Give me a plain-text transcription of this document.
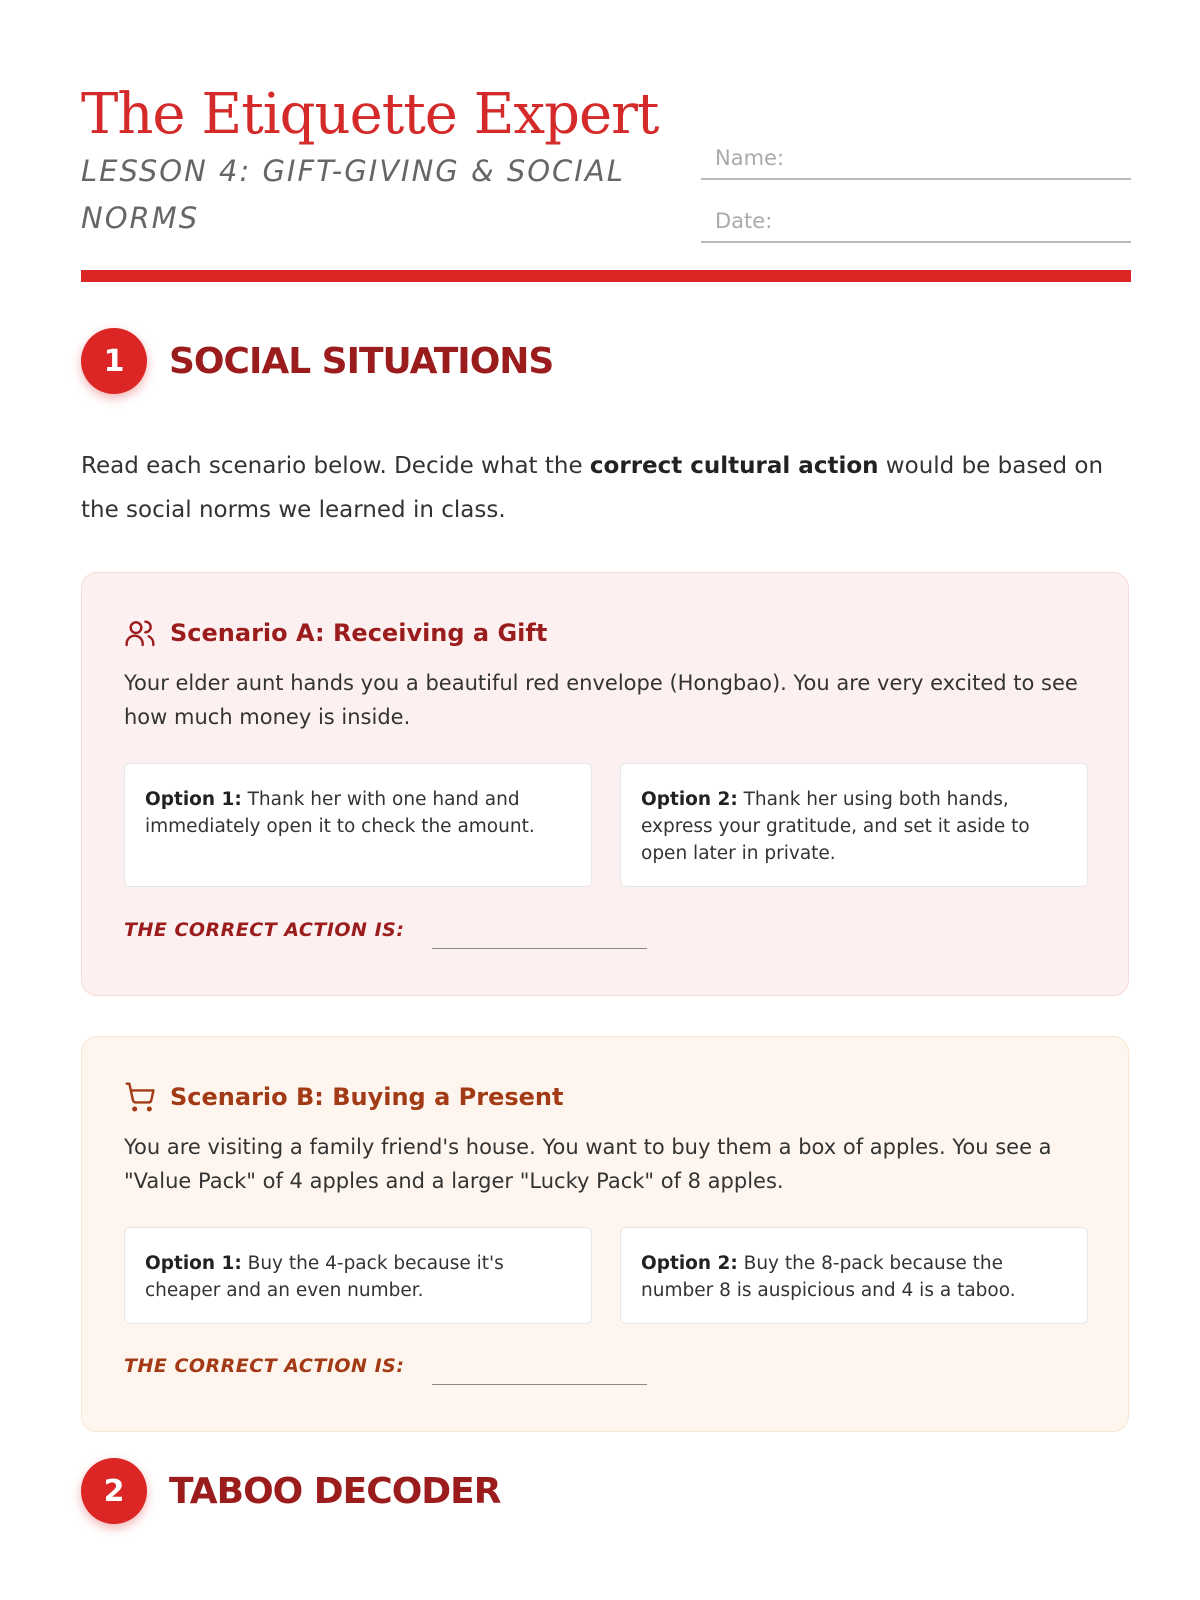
The Etiquette Expert
LESSON 4: GIFT-GIVING & SOCIAL NORMS
Name:
Date:
1	SOCIAL SITUATIONS
Read each scenario below. Decide what the correct cultural action would be based on the social norms we learned in class.
Scenario A: Receiving a Gift
Your elder aunt hands you a beautiful red envelope (Hongbao). You are very excited to see how much money is inside.
Option 1: Thank her with one hand and immediately open it to check the amount.
Option 2: Thank her using both hands, express your gratitude, and set it aside to open later in private.
THE CORRECT ACTION IS:
Scenario B: Buying a Present
You are visiting a family friend's house. You want to buy them a box of apples. You see a "Value Pack" of 4 apples and a larger "Lucky Pack" of 8 apples.
Option 1: Buy the 4-pack because it's cheaper and an even number.
Option 2: Buy the 8-pack because the number 8 is auspicious and 4 is a taboo.
THE CORRECT ACTION IS:
2	TABOO DECODER
